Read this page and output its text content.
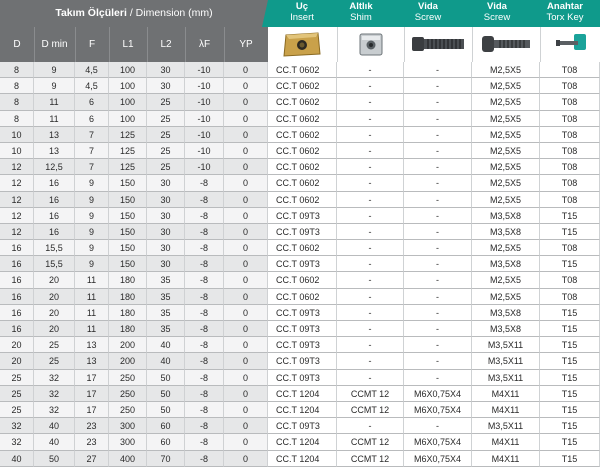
Takım Ölçüleri / Dimension (mm)
Uç
Insert
Altlık
Shim
Vida
Screw
Vida
Screw
Anahtar
Torx Key
D	D min	F	L1	L2	λF	YP
8	9	4,5	100	30	-10	0	CC.T 0602	-	-	M2,5X5	T08
8	9	4,5	100	30	-10	0	CC.T 0602	-	-	M2,5X5	T08
8	11	6	100	25	-10	0	CC.T 0602	-	-	M2,5X5	T08
8	11	6	100	25	-10	0	CC.T 0602	-	-	M2,5X5	T08
10	13	7	125	25	-10	0	CC.T 0602	-	-	M2,5X5	T08
10	13	7	125	25	-10	0	CC.T 0602	-	-	M2,5X5	T08
12	12,5	7	125	25	-10	0	CC.T 0602	-	-	M2,5X5	T08
12	16	9	150	30	-8	0	CC.T 0602	-	-	M2,5X5	T08
12	16	9	150	30	-8	0	CC.T 0602	-	-	M2,5X5	T08
12	16	9	150	30	-8	0	CC.T 09T3	-	-	M3,5X8	T15
12	16	9	150	30	-8	0	CC.T 09T3	-	-	M3,5X8	T15
16	15,5	9	150	30	-8	0	CC.T 0602	-	-	M2,5X5	T08
16	15,5	9	150	30	-8	0	CC.T 09T3	-	-	M3,5X8	T15
16	20	11	180	35	-8	0	CC.T 0602	-	-	M2,5X5	T08
16	20	11	180	35	-8	0	CC.T 0602	-	-	M2,5X5	T08
16	20	11	180	35	-8	0	CC.T 09T3	-	-	M3,5X8	T15
16	20	11	180	35	-8	0	CC.T 09T3	-	-	M3,5X8	T15
20	25	13	200	40	-8	0	CC.T 09T3	-	-	M3,5X11	T15
20	25	13	200	40	-8	0	CC.T 09T3	-	-	M3,5X11	T15
25	32	17	250	50	-8	0	CC.T 09T3	-	-	M3,5X11	T15
25	32	17	250	50	-8	0	CC.T 1204	CCMT 12	M6X0,75X4	M4X11	T15
25	32	17	250	50	-8	0	CC.T 1204	CCMT 12	M6X0,75X4	M4X11	T15
32	40	23	300	60	-8	0	CC.T 09T3	-	-	M3,5X11	T15
32	40	23	300	60	-8	0	CC.T 1204	CCMT 12	M6X0,75X4	M4X11	T15
40	50	27	400	70	-8	0	CC.T 1204	CCMT 12	M6X0,75X4	M4X11	T15
